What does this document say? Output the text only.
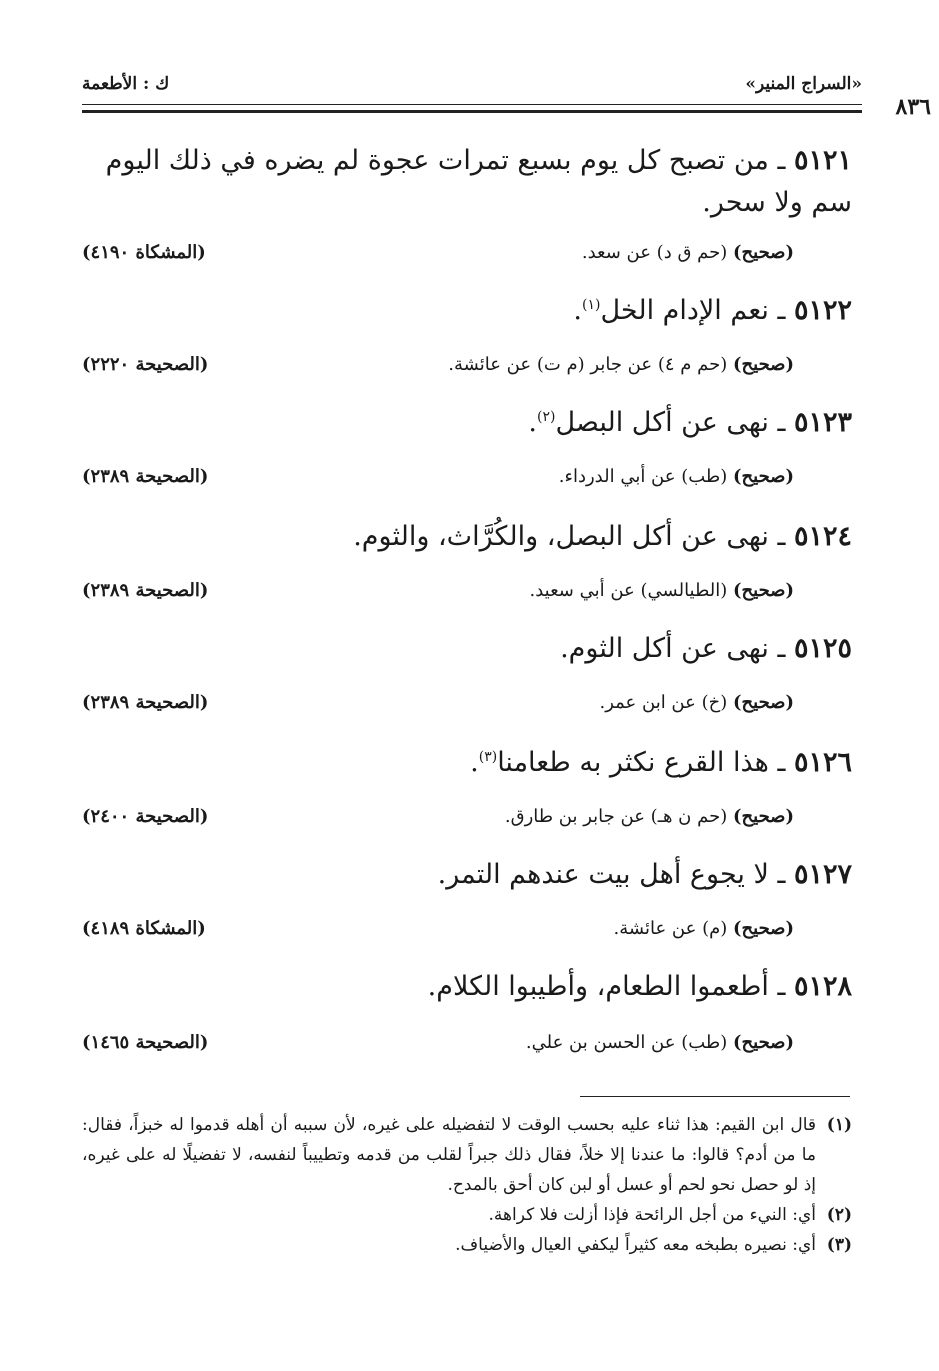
«السراج المنير»
ك : الأطعمة
٨٣٦
٥١٢١ ـ من تصبح كل يوم بسبع تمرات عجوة لم يضره في ذلك اليوم سم ولا سحر.
(صحيح) (حم ق د) عن سعد.
(المشكاة ٤١٩٠)
٥١٢٢ ـ نعم الإدام الخل$^{(١)}$.
(صحيح) (حم م ٤) عن جابر (م ت) عن عائشة.
(الصحيحة ٢٢٢٠)
٥١٢٣ ـ نهى عن أكل البصل$^{(٢)}$.
(صحيح) (طب) عن أبي الدرداء.
(الصحيحة ٢٣٨٩)
٥١٢٤ ـ نهى عن أكل البصل، والكُرَّاث، والثوم.
(صحيح) (الطيالسي) عن أبي سعيد.
(الصحيحة ٢٣٨٩)
٥١٢٥ ـ نهى عن أكل الثوم.
(صحيح) (خ) عن ابن عمر.
(الصحيحة ٢٣٨٩)
٥١٢٦ ـ هذا القرع نكثر به طعامنا$^{(٣)}$.
(صحيح) (حم ن هـ) عن جابر بن طارق.
(الصحيحة ٢٤٠٠)
٥١٢٧ ـ لا يجوع أهل بيت عندهم التمر.
(صحيح) (م) عن عائشة.
(المشكاة ٤١٨٩)
٥١٢٨ ـ أطعموا الطعام، وأطيبوا الكلام.
(صحيح) (طب) عن الحسن بن علي.
(الصحيحة ١٤٦٥)
(١)
قال ابن القيم: هذا ثناء عليه بحسب الوقت لا لتفضيله على غيره، لأن سببه أن أهله قدموا له خبزاً، فقال: ما من أدم؟ قالوا: ما عندنا إلا خلاً، فقال ذلك جبراً لقلب من قدمه وتطييباً لنفسه، لا تفضيلًا له على غيره، إذ لو حصل نحو لحم أو عسل أو لبن كان أحق بالمدح.
(٢)
أي: النيء من أجل الرائحة فإذا أزلت فلا كراهة.
(٣)
أي: نصيره بطبخه معه كثيراً ليكفي العيال والأضياف.
